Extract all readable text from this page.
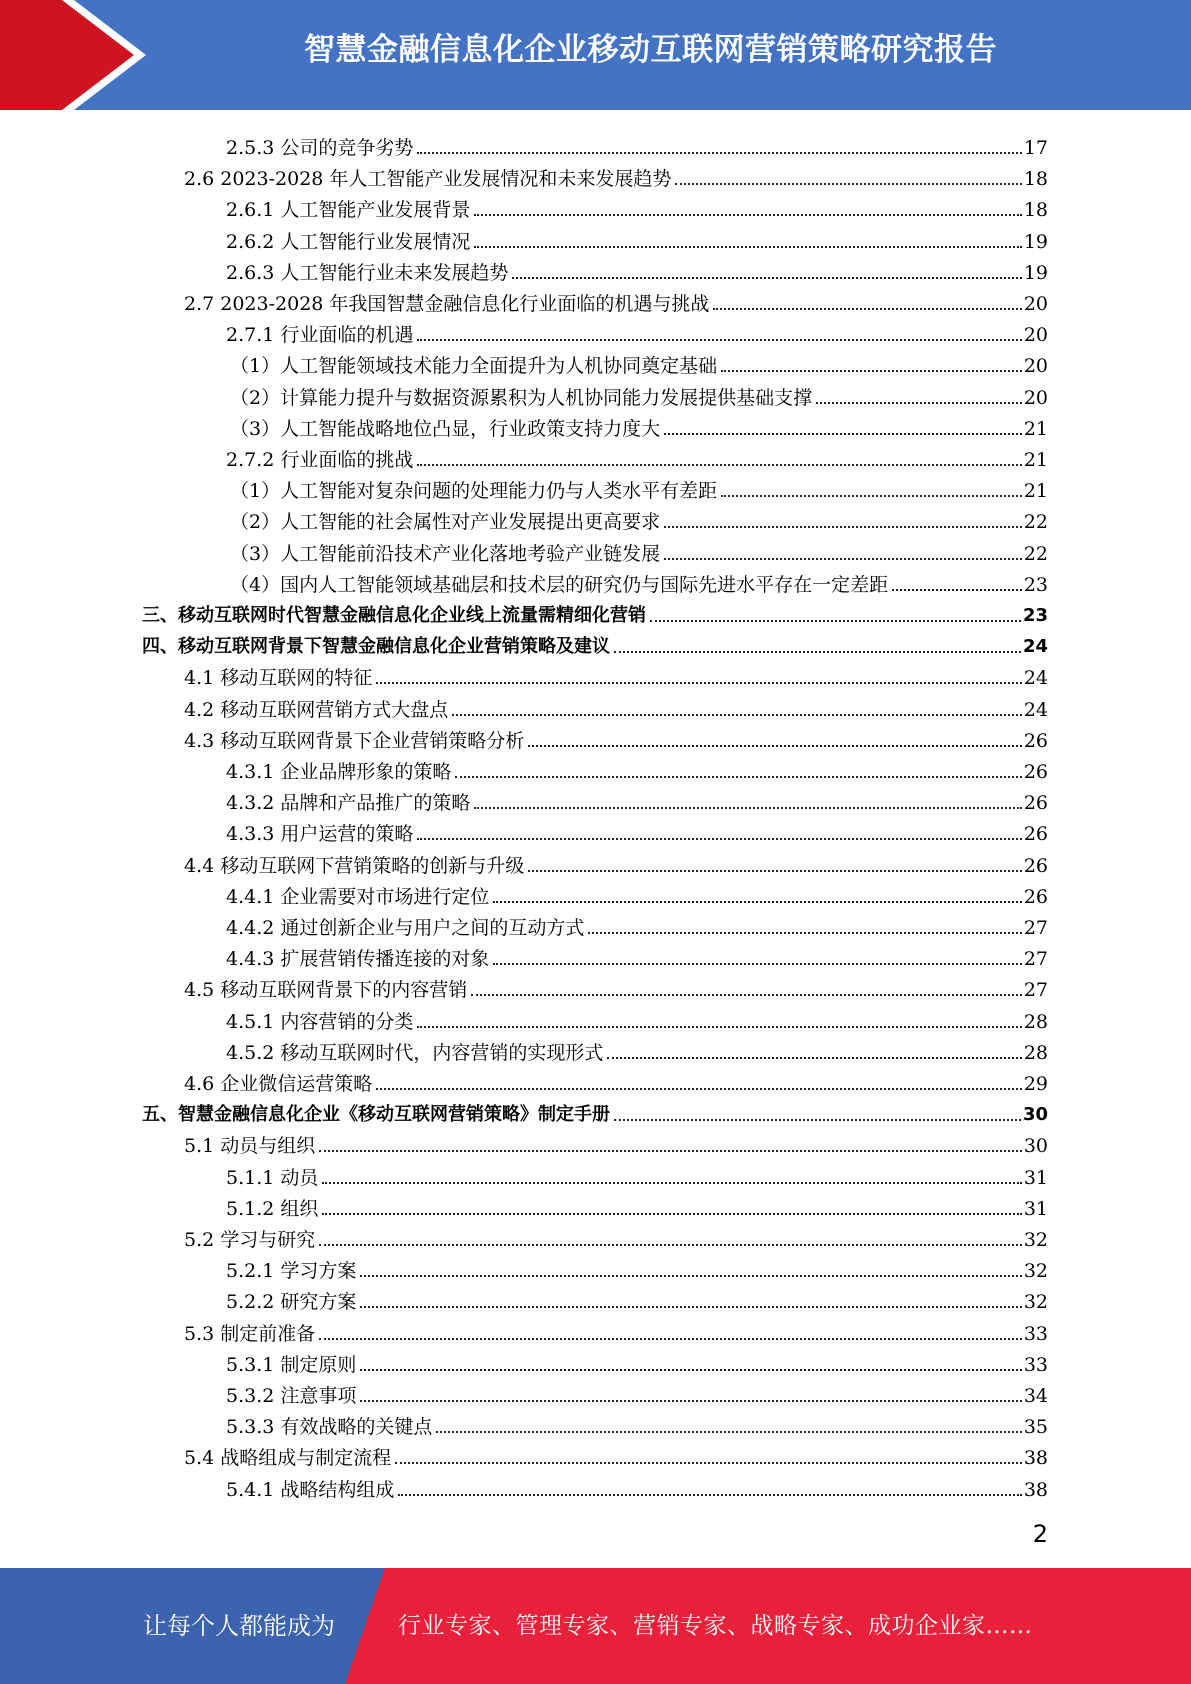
智慧金融信息化企业移动互联网营销策略研究报告
2.5.3 公司的竞争劣势	17
2.6 2023-2028 年人工智能产业发展情况和未来发展趋势	18
2.6.1 人工智能产业发展背景	18
2.6.2 人工智能行业发展情况	19
2.6.3 人工智能行业未来发展趋势	19
2.7 2023-2028 年我国智慧金融信息化行业面临的机遇与挑战	20
2.7.1 行业面临的机遇	20
（1）人工智能领域技术能力全面提升为人机协同奠定基础	20
（2）计算能力提升与数据资源累积为人机协同能力发展提供基础支撑	20
（3）人工智能战略地位凸显，行业政策支持力度大	21
2.7.2 行业面临的挑战	21
（1）人工智能对复杂问题的处理能力仍与人类水平有差距	21
（2）人工智能的社会属性对产业发展提出更高要求	22
（3）人工智能前沿技术产业化落地考验产业链发展	22
（4）国内人工智能领域基础层和技术层的研究仍与国际先进水平存在一定差距	23
三、移动互联网时代智慧金融信息化企业线上流量需精细化营销	23
四、移动互联网背景下智慧金融信息化企业营销策略及建议	24
4.1 移动互联网的特征	24
4.2 移动互联网营销方式大盘点	24
4.3 移动互联网背景下企业营销策略分析	26
4.3.1 企业品牌形象的策略	26
4.3.2 品牌和产品推广的策略	26
4.3.3 用户运营的策略	26
4.4 移动互联网下营销策略的创新与升级	26
4.4.1 企业需要对市场进行定位	26
4.4.2 通过创新企业与用户之间的互动方式	27
4.4.3 扩展营销传播连接的对象	27
4.5 移动互联网背景下的内容营销	27
4.5.1 内容营销的分类	28
4.5.2 移动互联网时代，内容营销的实现形式	28
4.6 企业微信运营策略	29
五、智慧金融信息化企业《移动互联网营销策略》制定手册	30
5.1 动员与组织	30
5.1.1 动员	31
5.1.2 组织	31
5.2 学习与研究	32
5.2.1 学习方案	32
5.2.2 研究方案	32
5.3 制定前准备	33
5.3.1 制定原则	33
5.3.2 注意事项	34
5.3.3 有效战略的关键点	35
5.4 战略组成与制定流程	38
5.4.1 战略结构组成	38
2
让每个人都能成为	行业专家、管理专家、营销专家、战略专家、成功企业家……
